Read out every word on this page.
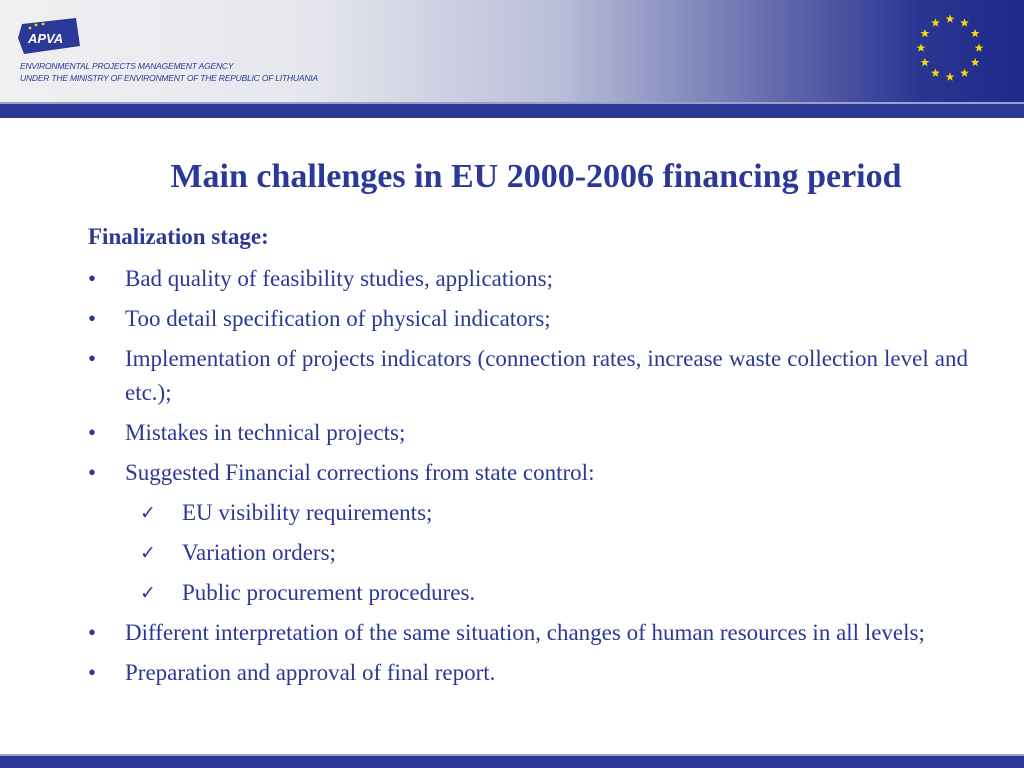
APVA
ENVIRONMENTAL PROJECTS MANAGEMENT AGENCY
UNDER THE MINISTRY OF ENVIRONMENT OF THE REPUBLIC OF LITHUANIA
Main challenges in EU 2000-2006 financing period
Finalization stage:
• Bad quality of feasibility studies, applications;
• Too detail specification of physical indicators;
• Implementation of projects indicators (connection rates, increase waste collection level and etc.);
• Mistakes in technical projects;
• Suggested Financial corrections from state control:
✓ EU visibility requirements;
✓ Variation orders;
✓ Public procurement procedures.
• Different interpretation of the same situation, changes of human resources in all levels;
• Preparation and approval of final report.
